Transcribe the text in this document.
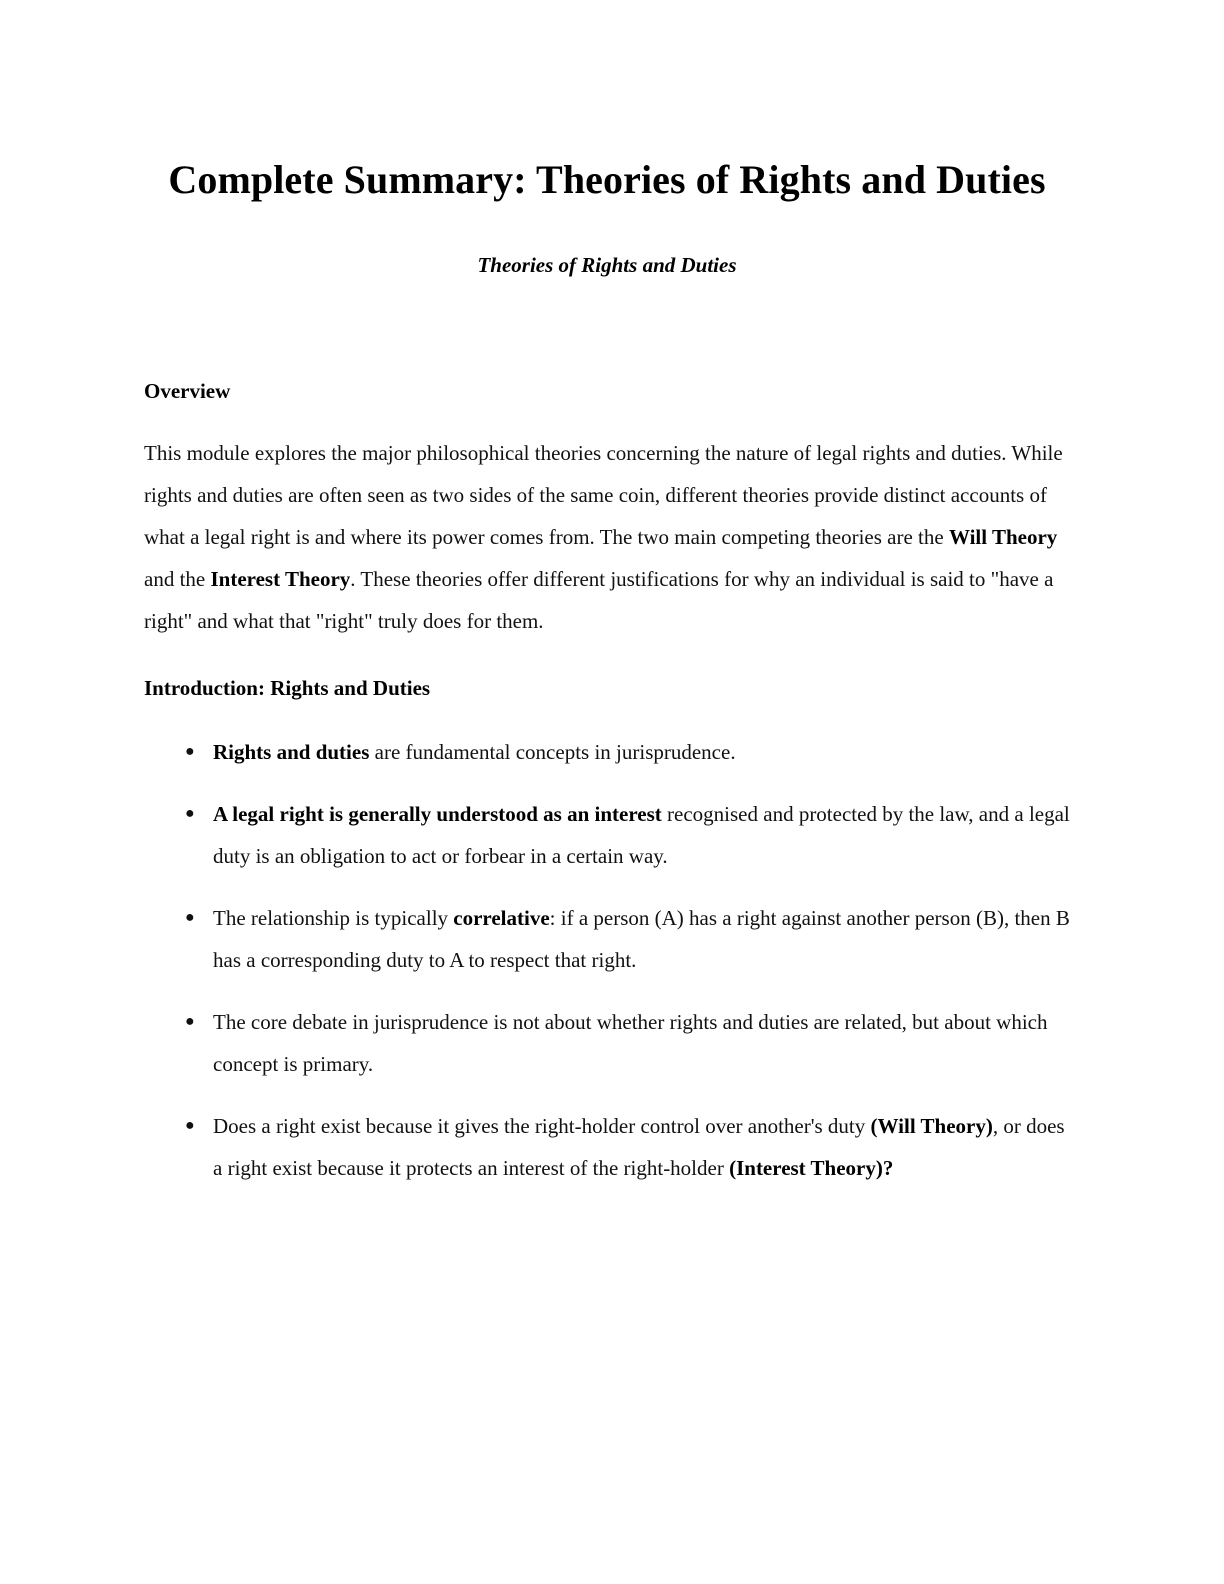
Complete Summary: Theories of Rights and Duties
Theories of Rights and Duties
Overview

This module explores the major philosophical theories concerning the nature of legal rights and duties. While rights and duties are often seen as two sides of the same coin, different theories provide distinct accounts of what a legal right is and where its power comes from. The two main competing theories are the Will Theory and the Interest Theory. These theories offer different justifications for why an individual is said to "have a right" and what that "right" truly does for them.

Introduction: Rights and Duties
● Rights and duties are fundamental concepts in jurisprudence.
● A legal right is generally understood as an interest recognised and protected by the law, and a legal duty is an obligation to act or forbear in a certain way.
● The relationship is typically correlative: if a person (A) has a right against another person (B), then B has a corresponding duty to A to respect that right.
● The core debate in jurisprudence is not about whether rights and duties are related, but about which concept is primary.
● Does a right exist because it gives the right-holder control over another's duty (Will Theory), or does a right exist because it protects an interest of the right-holder (Interest Theory)?
